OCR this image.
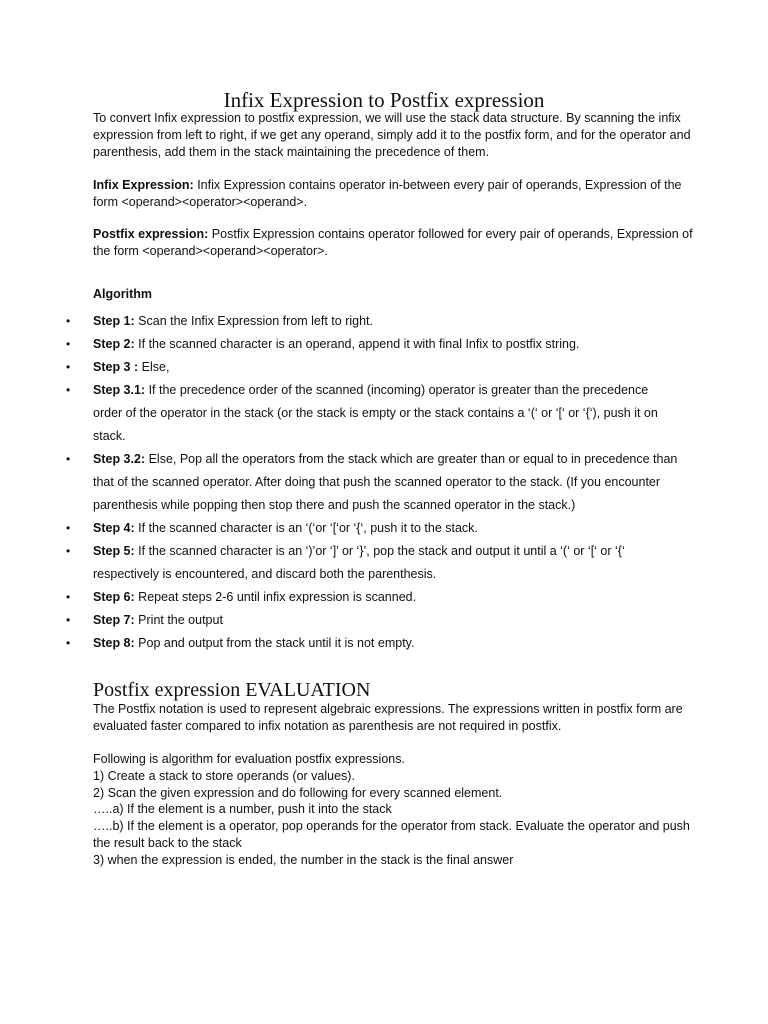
Infix Expression to Postfix expression

To convert Infix expression to postfix expression, we will use the stack data structure. By scanning the infix expression from left to right, if we get any operand, simply add it to the postfix form, and for the operator and parenthesis, add them in the stack maintaining the precedence of them.

Infix Expression: Infix Expression contains operator in-between every pair of operands, Expression of the form <operand><operator><operand>.

Postfix expression: Postfix Expression contains operator followed for every pair of operands, Expression of the form <operand><operand><operator>.

Algorithm

• Step 1: Scan the Infix Expression from left to right.
• Step 2: If the scanned character is an operand, append it with final Infix to postfix string.
• Step 3 : Else,
• Step 3.1: If the precedence order of the scanned (incoming) operator is greater than the precedence order of the operator in the stack (or the stack is empty or the stack contains a ‘(‘ or ‘[‘ or ‘{‘), push it on stack.
• Step 3.2: Else, Pop all the operators from the stack which are greater than or equal to in precedence than that of the scanned operator. After doing that push the scanned operator to the stack. (If you encounter parenthesis while popping then stop there and push the scanned operator in the stack.)
• Step 4: If the scanned character is an ‘(‘or ‘[‘or ‘{‘, push it to the stack.
• Step 5: If the scanned character is an ‘)’or ‘]’ or ‘}’, pop the stack and output it until a ‘(‘ or ‘[‘ or ‘{‘ respectively is encountered, and discard both the parenthesis.
• Step 6: Repeat steps 2-6 until infix expression is scanned.
• Step 7: Print the output
• Step 8: Pop and output from the stack until it is not empty.
Postfix expression EVALUATION

The Postfix notation is used to represent algebraic expressions. The expressions written in postfix form are evaluated faster compared to infix notation as parenthesis are not required in postfix.

Following is algorithm for evaluation postfix expressions.
1) Create a stack to store operands (or values).
2) Scan the given expression and do following for every scanned element.
…..a) If the element is a number, push it into the stack
…..b) If the element is a operator, pop operands for the operator from stack. Evaluate the operator and push the result back to the stack
3) when the expression is ended, the number in the stack is the final answer
